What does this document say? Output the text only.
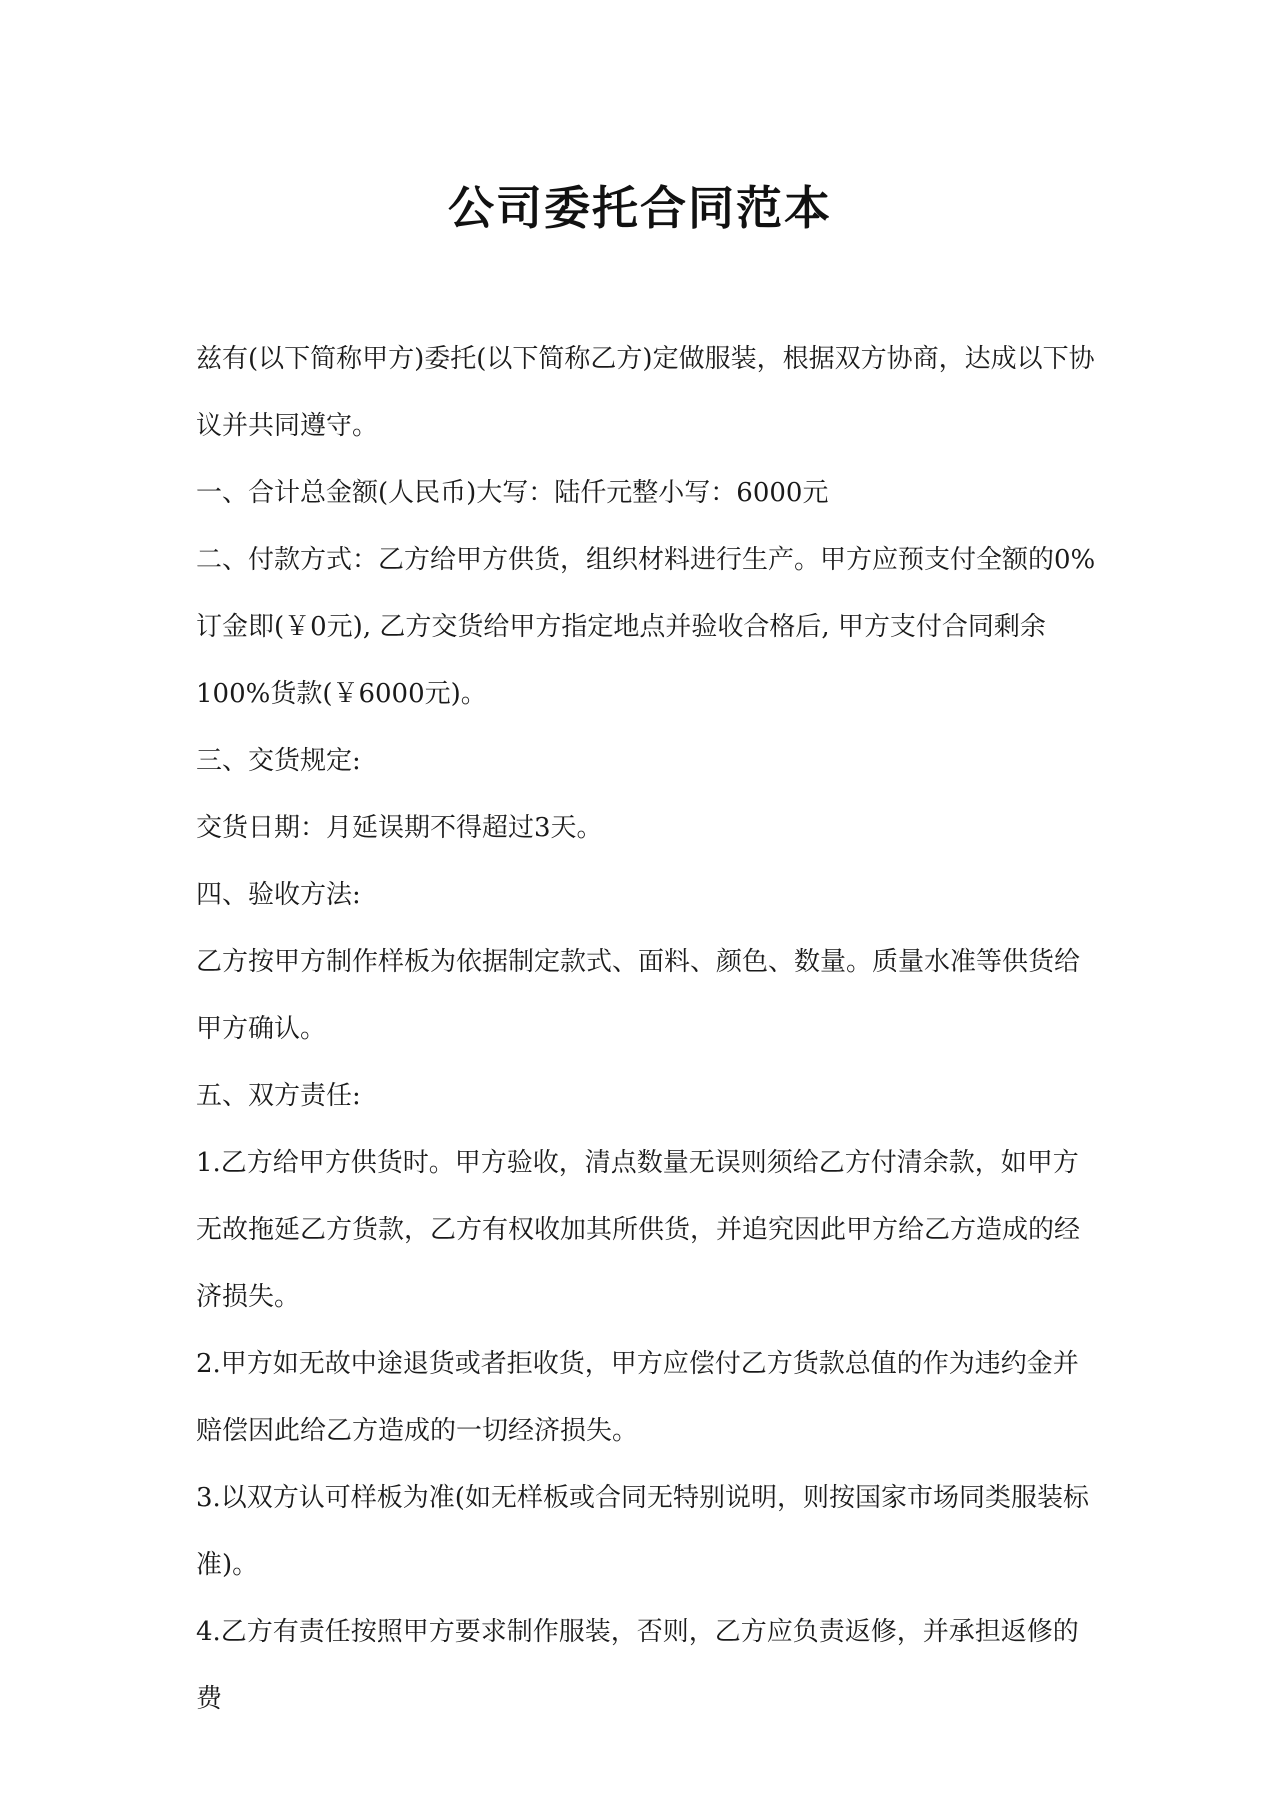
公司委托合同范本

兹有(以下简称甲方)委托(以下简称乙方)定做服装，根据双方协商，达成以下协议并共同遵守。

一、合计总金额(人民币)大写：陆仟元整小写：6000元

二、付款方式：乙方给甲方供货，组织材料进行生产。甲方应预支付全额的0%订金即(￥0元), 乙方交货给甲方指定地点并验收合格后, 甲方支付合同剩余100%货款(￥6000元)。

三、交货规定:

交货日期：月延误期不得超过3天。

四、验收方法:

乙方按甲方制作样板为依据制定款式、面料、颜色、数量。质量水准等供货给甲方确认。

五、双方责任:

1.乙方给甲方供货时。甲方验收，清点数量无误则须给乙方付清余款，如甲方无故拖延乙方货款，乙方有权收加其所供货，并追究因此甲方给乙方造成的经济损失。

2.甲方如无故中途退货或者拒收货，甲方应偿付乙方货款总值的作为违约金并赔偿因此给乙方造成的一切经济损失。

3.以双方认可样板为准(如无样板或合同无特别说明，则按国家市场同类服装标准)。

4.乙方有责任按照甲方要求制作服装，否则，乙方应负责返修，并承担返修的费
